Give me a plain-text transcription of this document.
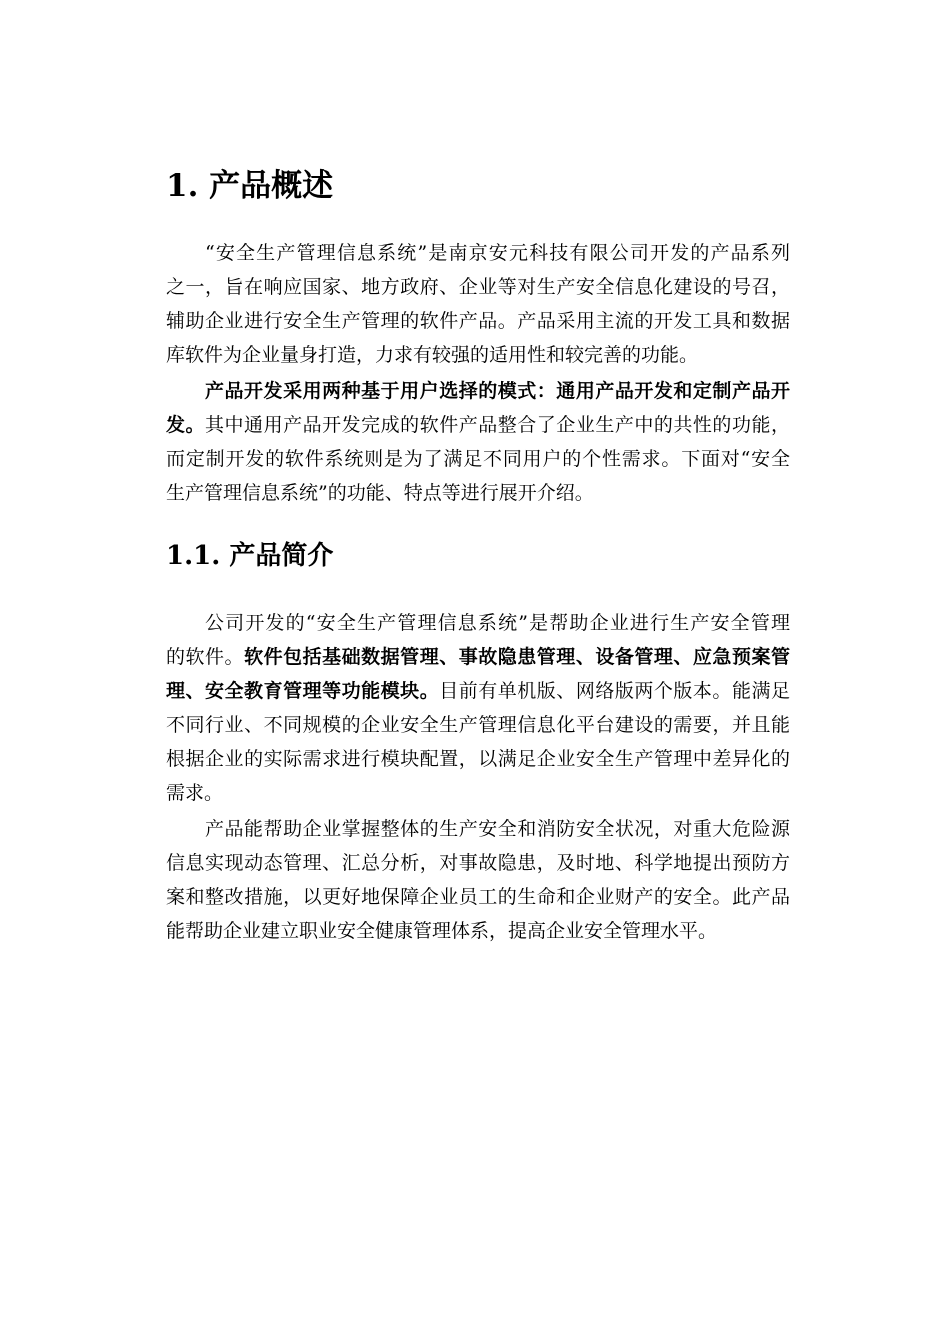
1. 产品概述
“安全生产管理信息系统”是南京安元科技有限公司开发的产品系列
之一，旨在响应国家、地方政府、企业等对生产安全信息化建设的号召，
辅助企业进行安全生产管理的软件产品。产品采用主流的开发工具和数据
库软件为企业量身打造，力求有较强的适用性和较完善的功能。
产品开发采用两种基于用户选择的模式：通用产品开发和定制产品开
发。其中通用产品开发完成的软件产品整合了企业生产中的共性的功能，
而定制开发的软件系统则是为了满足不同用户的个性需求。下面对“安全
生产管理信息系统”的功能、特点等进行展开介绍。
1.1. 产品简介
公司开发的“安全生产管理信息系统”是帮助企业进行生产安全管理
的软件。软件包括基础数据管理、事故隐患管理、设备管理、应急预案管
理、安全教育管理等功能模块。目前有单机版、网络版两个版本。能满足
不同行业、不同规模的企业安全生产管理信息化平台建设的需要，并且能
根据企业的实际需求进行模块配置，以满足企业安全生产管理中差异化的
需求。
产品能帮助企业掌握整体的生产安全和消防安全状况，对重大危险源
信息实现动态管理、汇总分析，对事故隐患，及时地、科学地提出预防方
案和整改措施，以更好地保障企业员工的生命和企业财产的安全。此产品
能帮助企业建立职业安全健康管理体系，提高企业安全管理水平。
